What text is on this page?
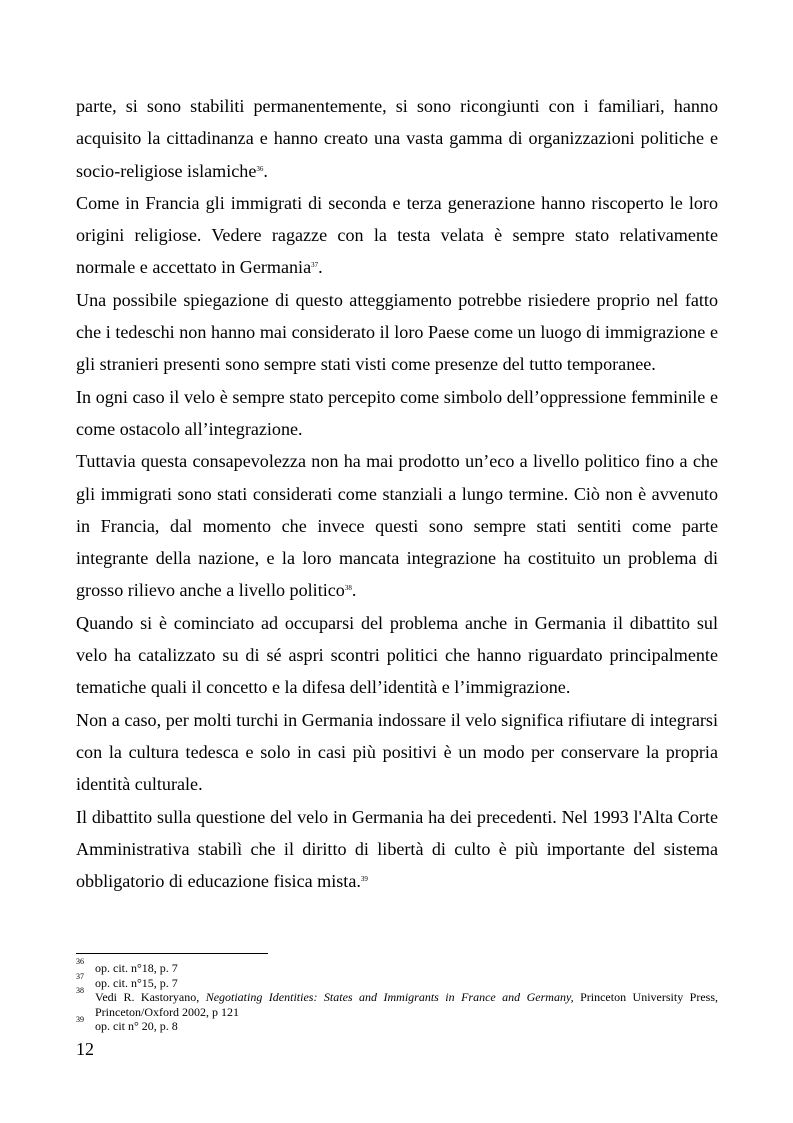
parte, si sono stabiliti permanentemente, si sono ricongiunti con i familiari, hanno acquisito la cittadinanza e hanno creato una vasta gamma di organizzazioni politiche e socio-religiose islamiche$^{36}$.

Come in Francia gli immigrati di seconda e terza generazione hanno riscoperto le loro origini religiose. Vedere ragazze con la testa velata è sempre stato relativamente normale e accettato in Germania$^{37}$.

Una possibile spiegazione di questo atteggiamento potrebbe risiedere proprio nel fatto che i tedeschi non hanno mai considerato il loro Paese come un luogo di immigrazione e gli stranieri presenti sono sempre stati visti come presenze del tutto temporanee.

In ogni caso il velo è sempre stato percepito come simbolo dell’oppressione femminile e come ostacolo all’integrazione.

Tuttavia questa consapevolezza non ha mai prodotto un’eco a livello politico fino a che gli immigrati sono stati considerati come stanziali a lungo termine. Ciò non è avvenuto in Francia, dal momento che invece questi sono sempre stati sentiti come parte integrante della nazione, e la loro mancata integrazione ha costituito un problema di grosso rilievo anche a livello politico$^{38}$.

Quando si è cominciato ad occuparsi del problema anche in Germania il dibattito sul velo ha catalizzato su di sé aspri scontri politici che hanno riguardato principalmente tematiche quali il concetto e la difesa dell’identità e l’immigrazione.

Non a caso, per molti turchi in Germania indossare il velo significa rifiutare di integrarsi con la cultura tedesca e solo in casi più positivi è un modo per conservare la propria identità culturale.

Il dibattito sulla questione del velo in Germania ha dei precedenti. Nel 1993 l'Alta Corte Amministrativa stabilì che il diritto di libertà di culto è più importante del sistema obbligatorio di educazione fisica mista.$^{39}$

36 op. cit. n°18, p. 7
37 op. cit. n°15, p. 7
38 Vedi R. Kastoryano, Negotiating Identities: States and Immigrants in France and Germany, Princeton University Press, Princeton/Oxford 2002, p 121
39 op. cit n° 20, p. 8
12
